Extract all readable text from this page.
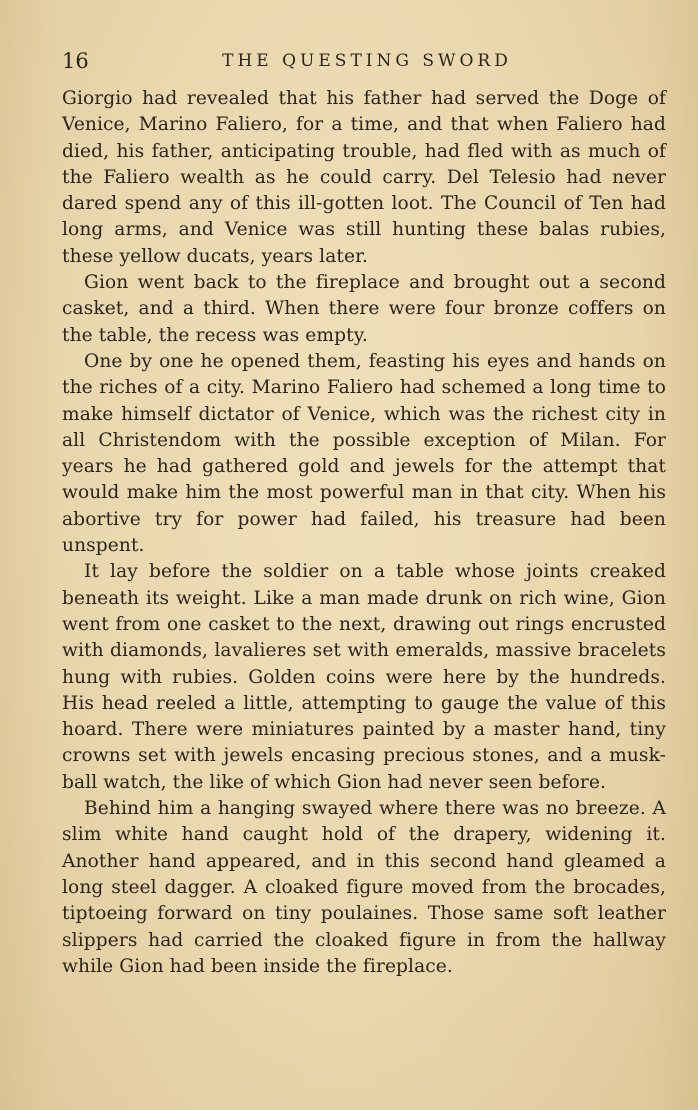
16	THE QUESTING SWORD

Giorgio had revealed that his father had served the Doge of Venice, Marino Faliero, for a time, and that when Faliero had died, his father, anticipating trouble, had fled with as much of the Faliero wealth as he could carry. Del Telesio had never dared spend any of this ill-gotten loot. The Council of Ten had long arms, and Venice was still hunting these balas rubies, these yellow ducats, years later.

Gion went back to the fireplace and brought out a second casket, and a third. When there were four bronze coffers on the table, the recess was empty.

One by one he opened them, feasting his eyes and hands on the riches of a city. Marino Faliero had schemed a long time to make himself dictator of Venice, which was the richest city in all Christendom with the possible exception of Milan. For years he had gathered gold and jewels for the attempt that would make him the most powerful man in that city. When his abortive try for power had failed, his treasure had been unspent.

It lay before the soldier on a table whose joints creaked beneath its weight. Like a man made drunk on rich wine, Gion went from one casket to the next, drawing out rings encrusted with diamonds, lavalieres set with emeralds, massive bracelets hung with rubies. Golden coins were here by the hundreds. His head reeled a little, attempting to gauge the value of this hoard. There were miniatures painted by a master hand, tiny crowns set with jewels encasing precious stones, and a musk-ball watch, the like of which Gion had never seen before.

Behind him a hanging swayed where there was no breeze. A slim white hand caught hold of the drapery, widening it. Another hand appeared, and in this second hand gleamed a long steel dagger. A cloaked figure moved from the brocades, tiptoeing forward on tiny poulaines. Those same soft leather slippers had carried the cloaked figure in from the hallway while Gion had been inside the fireplace.
